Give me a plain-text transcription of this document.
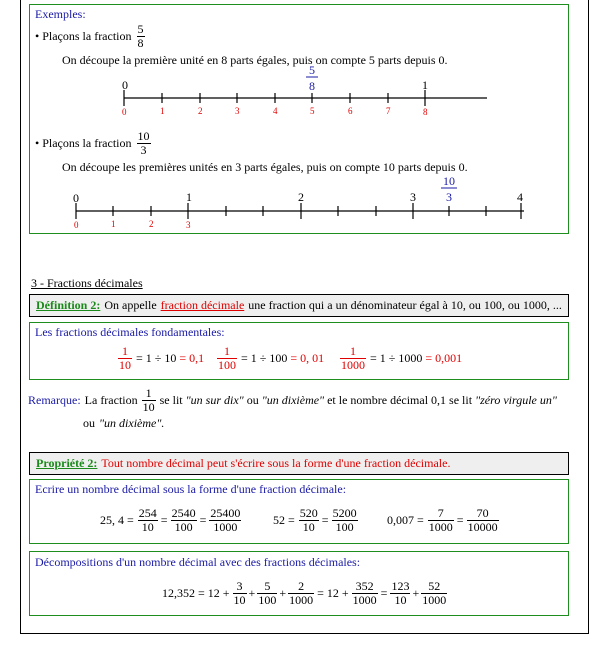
Exemples:
• Plaçons la fraction $\frac{5}{8}$
On découpe la première unité en 8 parts égales, puis on compte 5 parts depuis 0.
0	1
5
8
0	1	2	3	4	5	6	7	8
• Plaçons la fraction $\frac{10}{3}$
On découpe les premières unités en 3 parts égales, puis on compte 10 parts depuis 0.
0	1	2	3	4
10
3
0	1	2	3
3 - Fractions décimales
Définition 2: On appelle fraction décimale une fraction qui a un dénominateur égal à 10, ou 100, ou 1000, ...
Les fractions décimales fondamentales:
$\frac{1}{10} = 1 \div 10 = 0,1 \frac{1}{100} = 1 \div 100 = 0$, $01 \frac{1}{1000} = 1 \div 1000 = 0,001$
Remarque: La fraction $\frac{1}{10}$ se lit "un sur dix" ou "un dixième" et le nombre décimal 0,1 se lit "zéro virgule un"
ou "un dixième".
Propriété 2: Tout nombre décimal peut s'écrire sous la forme d'une fraction décimale.
Ecrire un nombre décimal sous la forme d'une fraction décimale:
25, $4 = \frac{254}{10} = \frac{2540}{100} = \frac{25400}{1000}$	$52 = \frac{520}{10} = \frac{5200}{100} 0,007 = \frac{7}{1000} = \frac{70}{10000}$
Décompositions d'un nombre décimal avec des fractions décimales:
$12,352 = 12 + \frac{3}{10} + \frac{5}{100} + \frac{2}{1000} = 12 + \frac{352}{1000} = \frac{123}{10} + \frac{52}{1000}$
